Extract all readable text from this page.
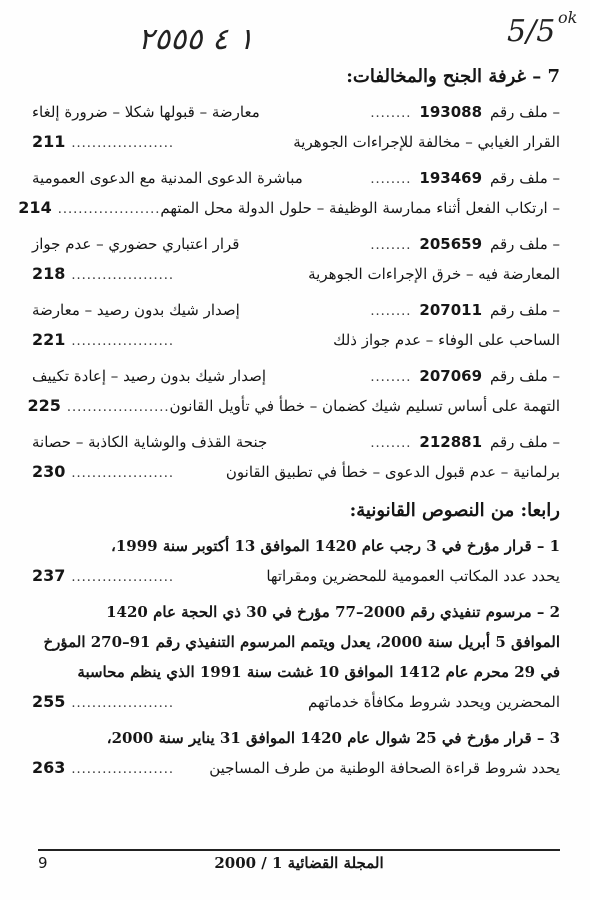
١ ٤ ٢٥٥٥	5/5 ok
7 – غرفة الجنح والمخالفات:
– ملف رقم
193088
........
معارضة – قبولها شكلا – ضرورة إلغاء
القرار الغيابي – مخالفة للإجراءات الجوهرية
....................
211
– ملف رقم
193469
........
مباشرة الدعوى المدنية مع الدعوى العمومية
– ارتكاب الفعل أثناء ممارسة الوظيفة – حلول الدولة محل المتهم
....................
214
– ملف رقم
205659
........
قرار اعتباري حضوري – عدم جواز
المعارضة فيه – خرق الإجراءات الجوهرية
....................
218
– ملف رقم
207011
........
إصدار شيك بدون رصيد – معارضة
الساحب على الوفاء – عدم جواز ذلك
....................
221
– ملف رقم
207069
........
إصدار شيك بدون رصيد – إعادة تكييف
التهمة على أساس تسليم شيك كضمان – خطأ في تأويل القانون
....................
225
– ملف رقم
212881
........
جنحة القذف والوشاية الكاذبة – حصانة
برلمانية – عدم قبول الدعوى – خطأ في تطبيق القانون
....................
230
رابعا: من النصوص القانونية:
1 – قرار مؤرخ في 3 رجب عام 1420 الموافق 13 أكتوبر سنة 1999،
يحدد عدد المكاتب العمومية للمحضرين ومقراتها
....................
237
2 – مرسوم تنفيذي رقم 2000–77 مؤرخ في 30 ذي الحجة عام 1420
الموافق 5 أبريل سنة 2000، يعدل ويتمم المرسوم التنفيذي رقم 91–270 المؤرخ
في 29 محرم عام 1412 الموافق 10 غشت سنة 1991 الذي ينظم محاسبة
المحضرين ويحدد شروط مكافأة خدماتهم
....................
255
3 – قرار مؤرخ في 25 شوال عام 1420 الموافق 31 يناير سنة 2000،
يحدد شروط قراءة الصحافة الوطنية من طرف المساجين
....................
263
9	المجلة القضائية 1 / 2000
